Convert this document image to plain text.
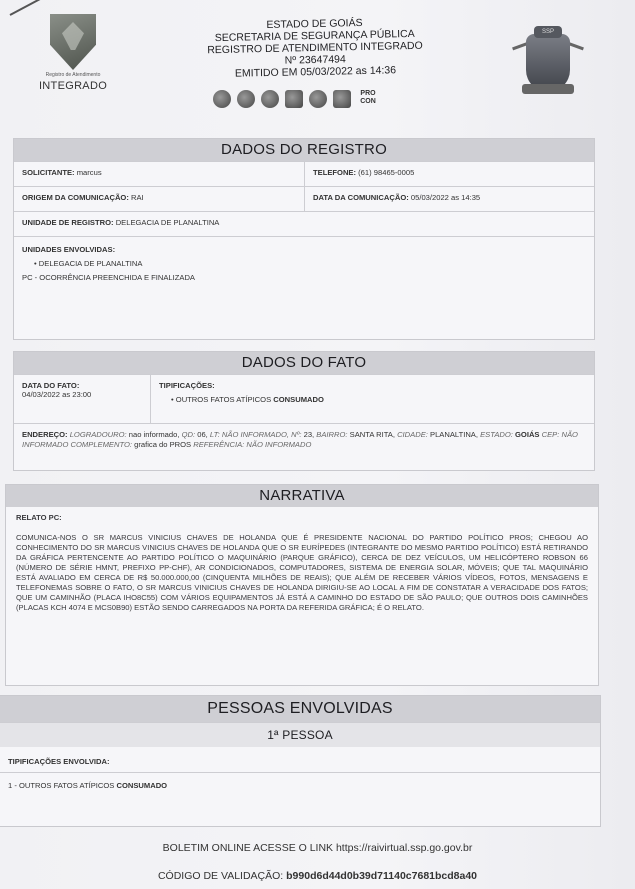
Registro de Atendimento
INTEGRADO
ESTADO DE GOIÁS
SECRETARIA DE SEGURANÇA PÚBLICA
REGISTRO DE ATENDIMENTO INTEGRADO
Nº 23647494
EMITIDO EM 05/03/2022 as 14:36
PRO CON
SSP
DADOS DO REGISTRO
SOLICITANTE: marcus	TELEFONE: (61) 98465-0005
ORIGEM DA COMUNICAÇÃO: RAI	DATA DA COMUNICAÇÃO: 05/03/2022 as 14:35
UNIDADE DE REGISTRO: DELEGACIA DE PLANALTINA
UNIDADES ENVOLVIDAS:
• DELEGACIA DE PLANALTINA
PC - OCORRÊNCIA PREENCHIDA E FINALIZADA
DADOS DO FATO
DATA DO FATO:
04/03/2022 as 23:00
TIPIFICAÇÕES:
• OUTROS FATOS ATÍPICOS CONSUMADO
ENDEREÇO: LOGRADOURO: nao informado, QD: 06, LT: NÃO INFORMADO, Nº: 23, BAIRRO: SANTA RITA, CIDADE: PLANALTINA, ESTADO: GOIÁS CEP: NÃO INFORMADO COMPLEMENTO: grafica do PROS REFERÊNCIA: NÃO INFORMADO
NARRATIVA
RELATO PC:
COMUNICA-NOS O SR MARCUS VINICIUS CHAVES DE HOLANDA QUE É PRESIDENTE NACIONAL DO PARTIDO POLÍTICO PROS; CHEGOU AO CONHECIMENTO DO SR MARCUS VINICIUS CHAVES DE HOLANDA QUE O SR EURÍPEDES (INTEGRANTE DO MESMO PARTIDO POLÍTICO) ESTÁ RETIRANDO DA GRÁFICA PERTENCENTE AO PARTIDO POLÍTICO O MAQUINÁRIO (PARQUE GRÁFICO), CERCA DE DEZ VEÍCULOS, UM HELICÓPTERO ROBSON 66 (NÚMERO DE SÉRIE HMNT, PREFIXO PP-CHF), AR CONDICIONADOS, COMPUTADORES, SISTEMA DE ENERGIA SOLAR, MÓVEIS; QUE TAL MAQUINÁRIO ESTÁ AVALIADO EM CERCA DE R$ 50.000.000,00 (CINQUENTA MILHÕES DE REAIS); QUE ALÉM DE RECEBER VÁRIOS VÍDEOS, FOTOS, MENSAGENS E TELEFONEMAS SOBRE O FATO, O SR MARCUS VINICIUS CHAVES DE HOLANDA DIRIGIU-SE AO LOCAL A FIM DE CONSTATAR A VERACIDADE DOS FATOS; QUE UM CAMINHÃO (PLACA IHO8C55) COM VÁRIOS EQUIPAMENTOS JÁ ESTÁ A CAMINHO DO ESTADO DE SÃO PAULO; QUE OUTROS DOIS CAMINHÕES (PLACAS KCH 4074 E MCS0B90) ESTÃO SENDO CARREGADOS NA PORTA DA REFERIDA GRÁFICA; É O RELATO.
PESSOAS ENVOLVIDAS
1ª PESSOA
TIPIFICAÇÕES ENVOLVIDA:
1 - OUTROS FATOS ATÍPICOS CONSUMADO
BOLETIM ONLINE ACESSE O LINK https://raivirtual.ssp.go.gov.br
CÓDIGO DE VALIDAÇÃO: b990d6d44d0b39d71140c7681bcd8a40
